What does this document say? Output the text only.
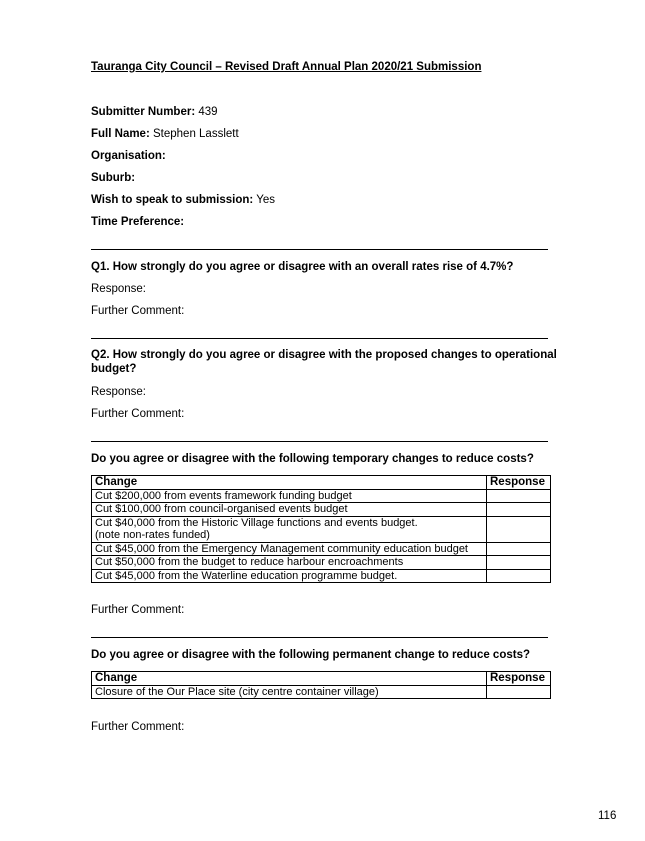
Tauranga City Council – Revised Draft Annual Plan 2020/21 Submission
Submitter Number: 439
Full Name: Stephen Lasslett
Organisation:
Suburb:
Wish to speak to submission: Yes
Time Preference:
Q1. How strongly do you agree or disagree with an overall rates rise of 4.7%?
Response:
Further Comment:
Q2. How strongly do you agree or disagree with the proposed changes to operational
budget?
Response:
Further Comment:
Do you agree or disagree with the following temporary changes to reduce costs?
Change	Response
Cut $200,000 from events framework funding budget	
Cut $100,000 from council-organised events budget	

Cut $40,000 from the Historic Village functions and events budget.
(note non-rates funded)	

Cut $45,000 from the Emergency Management community education budget	
Cut $50,000 from the budget to reduce harbour encroachments	
Cut $45,000 from the Waterline education programme budget.	
Further Comment:
Do you agree or disagree with the following permanent change to reduce costs?
Change	Response
Closure of the Our Place site (city centre container village)	
Further Comment:
116
